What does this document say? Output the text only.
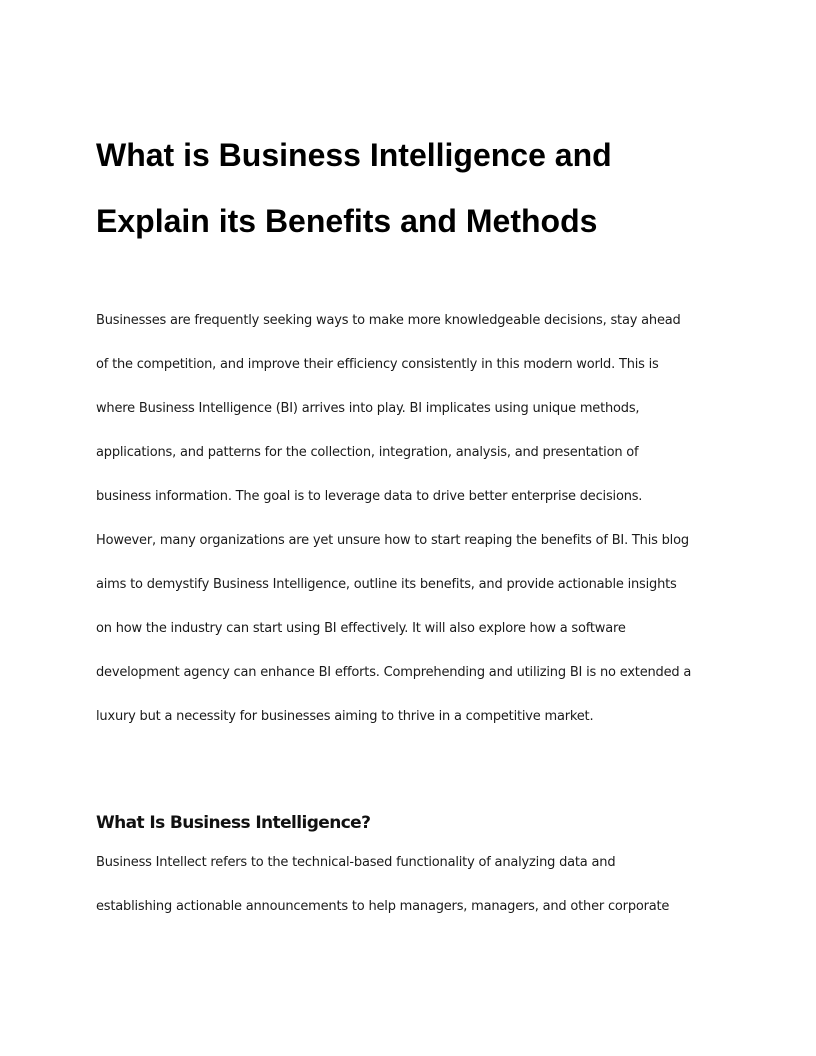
What is Business Intelligence and
Explain its Benefits and Methods
Businesses are frequently seeking ways to make more knowledgeable decisions, stay ahead
of the competition, and improve their efficiency consistently in this modern world. This is
where Business Intelligence (BI) arrives into play. BI implicates using unique methods,
applications, and patterns for the collection, integration, analysis, and presentation of
business information. The goal is to leverage data to drive better enterprise decisions.
However, many organizations are yet unsure how to start reaping the benefits of BI. This blog
aims to demystify Business Intelligence, outline its benefits, and provide actionable insights
on how the industry can start using BI effectively. It will also explore how a software
development agency can enhance BI efforts. Comprehending and utilizing BI is no extended a
luxury but a necessity for businesses aiming to thrive in a competitive market.
What Is Business Intelligence?
Business Intellect refers to the technical-based functionality of analyzing data and
establishing actionable announcements to help managers, managers, and other corporate
